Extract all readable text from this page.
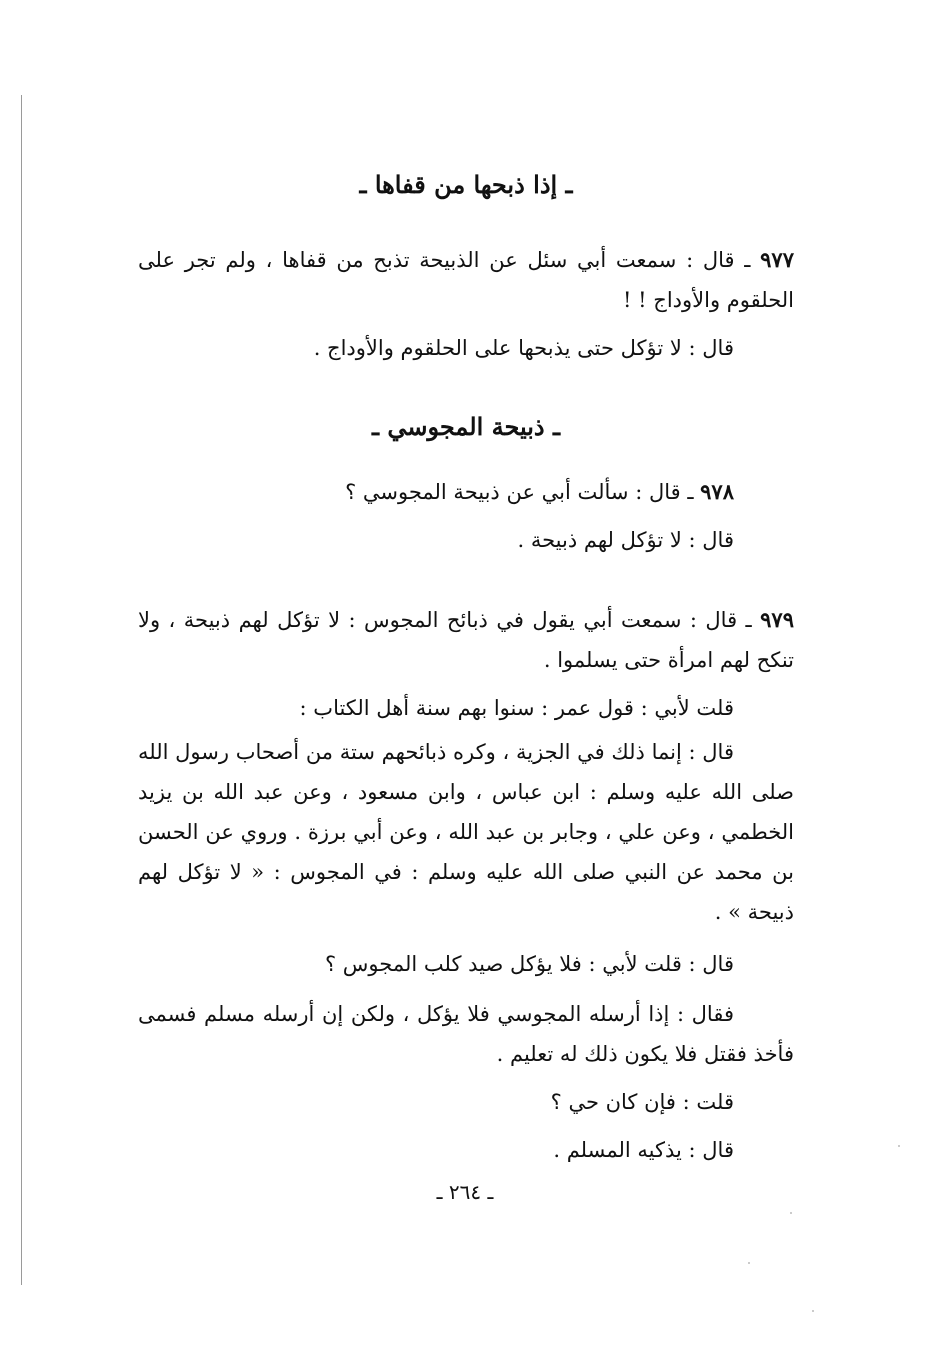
ـ إذا ذبحها من قفاها ـ

٩٧٧ ـ قال : سمعت أبي سئل عن الذبيحة تذبح من قفاها ، ولم تجر على الحلقوم والأوداج ! !

قال : لا تؤكل حتى يذبحها على الحلقوم والأوداج .

ـ ذبيحة المجوسي ـ

٩٧٨ ـ قال : سألت أبي عن ذبيحة المجوسي ؟

قال : لا تؤكل لهم ذبيحة .

٩٧٩ ـ قال : سمعت أبي يقول في ذبائح المجوس : لا تؤكل لهم ذبيحة ، ولا تنكح لهم امرأة حتى يسلموا .

قلت لأبي : قول عمر : سنوا بهم سنة أهل الكتاب :

قال : إنما ذلك في الجزية ، وكره ذبائحهم ستة من أصحاب رسول الله صلى الله عليه وسلم : ابن عباس ، وابن مسعود ، وعن عبد الله بن يزيد الخطمي ، وعن علي ، وجابر بن عبد الله ، وعن أبي برزة . وروي عن الحسن بن محمد عن النبي صلى الله عليه وسلم : في المجوس : « لا تؤكل لهم ذبيحة » .

قال : قلت لأبي : فلا يؤكل صيد كلب المجوس ؟

فقال : إذا أرسله المجوسي فلا يؤكل ، ولكن إن أرسله مسلم فسمى فأخذ فقتل فلا يكون ذلك له تعليم .

قلت : فإن كان حي ؟

قال : يذكيه المسلم .

ـ ٢٦٤ ـ
